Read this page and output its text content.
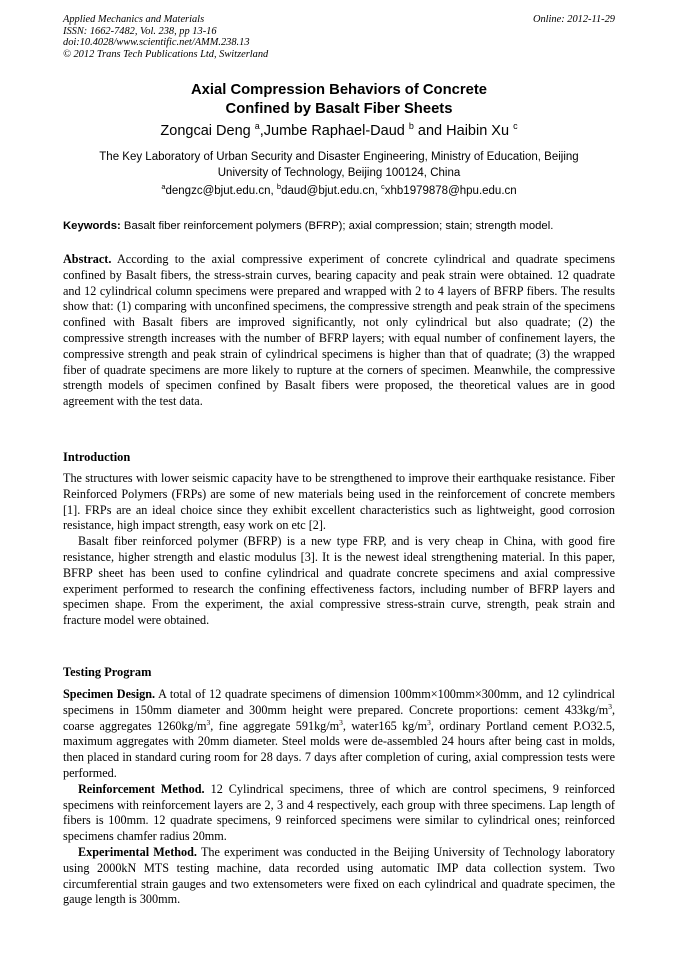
Applied Mechanics and Materials	Online: 2012-11-29
ISSN: 1662-7482, Vol. 238, pp 13-16
doi:10.4028/www.scientific.net/AMM.238.13
© 2012 Trans Tech Publications Ltd, Switzerland
Axial Compression Behaviors of Concrete
Confined by Basalt Fiber Sheets
Zongcai Deng $^a$,Jumbe Raphael-Daud $^b$ and Haibin Xu $^c$
The Key Laboratory of Urban Security and Disaster Engineering, Ministry of Education, Beijing
University of Technology, Beijing 100124, China
$^a$dengzc@bjut.edu.cn, $^b$daud@bjut.edu.cn, $^c$xhb1979878@hpu.edu.cn
Keywords: Basalt fiber reinforcement polymers (BFRP); axial compression; stain; strength model.

Abstract. According to the axial compressive experiment of concrete cylindrical and quadrate specimens confined by Basalt fibers, the stress-strain curves, bearing capacity and peak strain were obtained. 12 quadrate and 12 cylindrical column specimens were prepared and wrapped with 2 to 4 layers of BFRP fibers. The results show that: (1) comparing with unconfined specimens, the compressive strength and peak strain of the specimens confined with Basalt fibers are improved significantly, not only cylindrical but also quadrate; (2) the compressive strength increases with the number of BFRP layers; with equal number of confinement layers, the compressive strength and peak strain of cylindrical specimens is higher than that of quadrate; (3) the wrapped fiber of quadrate specimens are more likely to rupture at the corners of specimen. Meanwhile, the compressive strength models of specimen confined by Basalt fibers were proposed, the theoretical values are in good agreement with the test data.

Introduction

The structures with lower seismic capacity have to be strengthened to improve their earthquake resistance. Fiber Reinforced Polymers (FRPs) are some of new materials being used in the reinforcement of concrete members [1]. FRPs are an ideal choice since they exhibit excellent characteristics such as lightweight, good corrosion resistance, high impact strength, easy work on etc [2].

Basalt fiber reinforced polymer (BFRP) is a new type FRP, and is very cheap in China, with good fire resistance, higher strength and elastic modulus [3]. It is the newest ideal strengthening material. In this paper, BFRP sheet has been used to confine cylindrical and quadrate concrete specimens and axial compressive experiment performed to research the confining effectiveness factors, including number of BFRP layers and specimen shape. From the experiment, the axial compressive stress-strain curve, strength, peak strain and fracture model were obtained.

Testing Program

Specimen Design. A total of 12 quadrate specimens of dimension 100mm×100mm×300mm, and 12 cylindrical specimens in 150mm diameter and 300mm height were prepared. Concrete proportions: cement $433kg/m^3$, coarse aggregates $1260kg/m^3$, fine aggregate $591kg/m^3$, water165 $kg/m^3$, ordinary Portland cement P.O32.5, maximum aggregates with 20mm diameter. Steel molds were de-assembled 24 hours after being cast in molds, then placed in standard curing room for 28 days. 7 days after completion of curing, axial compression tests were performed.

Reinforcement Method. 12 Cylindrical specimens, three of which are control specimens, 9 reinforced specimens with reinforcement layers are 2, 3 and 4 respectively, each group with three specimens. Lap length of fibers is 100mm. 12 quadrate specimens, 9 reinforced specimens were similar to cylindrical ones; reinforced specimens chamfer radius 20mm.

Experimental Method. The experiment was conducted in the Beijing University of Technology laboratory using 2000kN MTS testing machine, data recorded using automatic IMP data collection system. Two circumferential strain gauges and two extensometers were fixed on each cylindrical and quadrate specimen, the gauge length is 300mm.
